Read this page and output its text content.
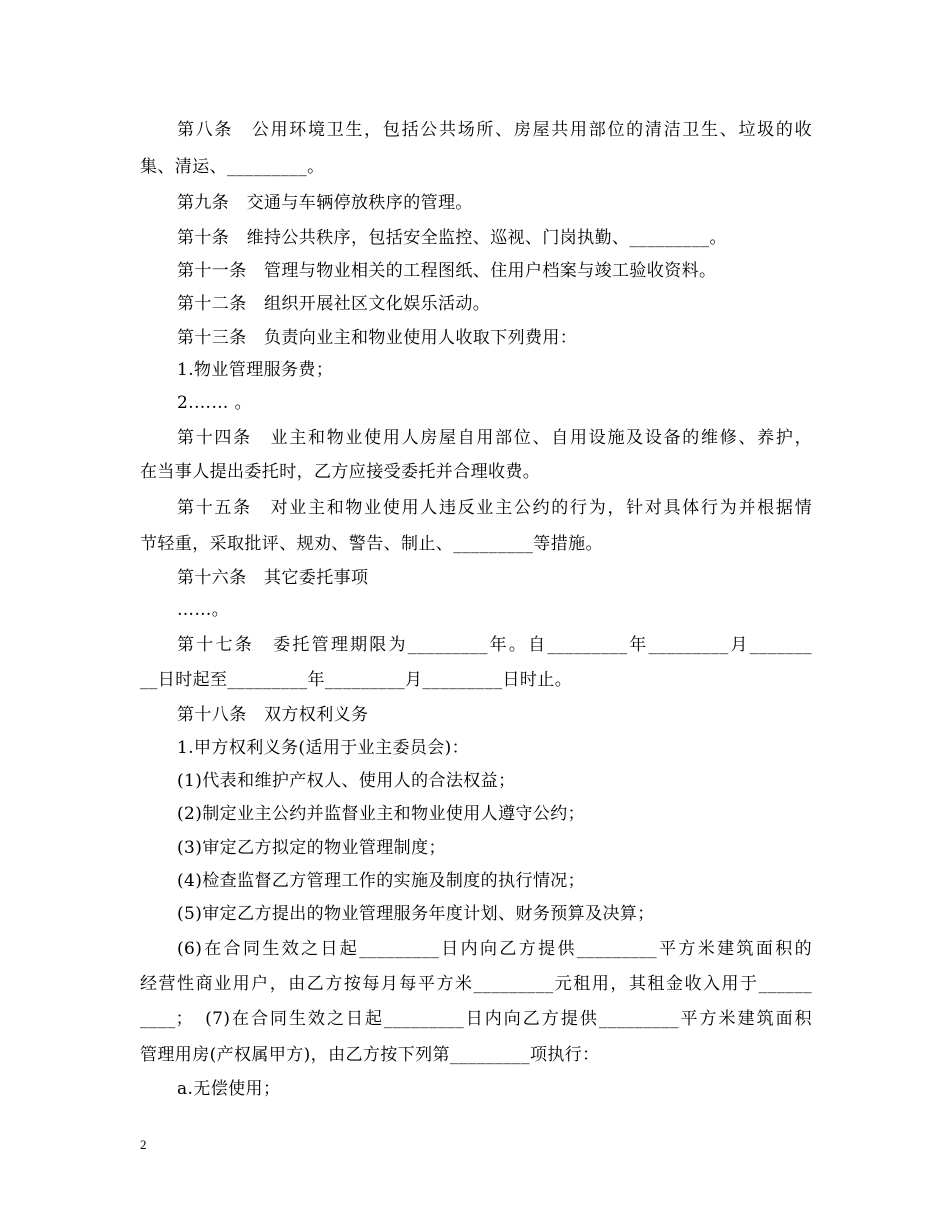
第八条　公用环境卫生，包括公共场所、房屋共用部位的清洁卫生、垃圾的收
集、清运、_________。
第九条　交通与车辆停放秩序的管理。
第十条　维持公共秩序，包括安全监控、巡视、门岗执勤、_________。
第十一条　管理与物业相关的工程图纸、住用户档案与竣工验收资料。
第十二条　组织开展社区文化娱乐活动。
第十三条　负责向业主和物业使用人收取下列费用：
1.物业管理服务费；
2.…… 。
第十四条　业主和物业使用人房屋自用部位、自用设施及设备的维修、养护，
在当事人提出委托时，乙方应接受委托并合理收费。
第十五条　对业主和物业使用人违反业主公约的行为，针对具体行为并根据情
节轻重，采取批评、规劝、警告、制止、_________等措施。
第十六条　其它委托事项
……。
第十七条　委托管理期限为_________年。自_________年_________月_______
__日时起至_________年_________月_________日时止。
第十八条　双方权利义务
1.甲方权利义务(适用于业主委员会)：
(1)代表和维护产权人、使用人的合法权益；
(2)制定业主公约并监督业主和物业使用人遵守公约；
(3)审定乙方拟定的物业管理制度；
(4)检查监督乙方管理工作的实施及制度的执行情况；
(5)审定乙方提出的物业管理服务年度计划、财务预算及决算；
(6)在合同生效之日起_________日内向乙方提供_________平方米建筑面积的
经营性商业用户，由乙方按每月每平方米_________元租用，其租金收入用于______
____；　(7)在合同生效之日起_________日内向乙方提供_________平方米建筑面积
管理用房(产权属甲方)，由乙方按下列第_________项执行：
a.无偿使用；
2
